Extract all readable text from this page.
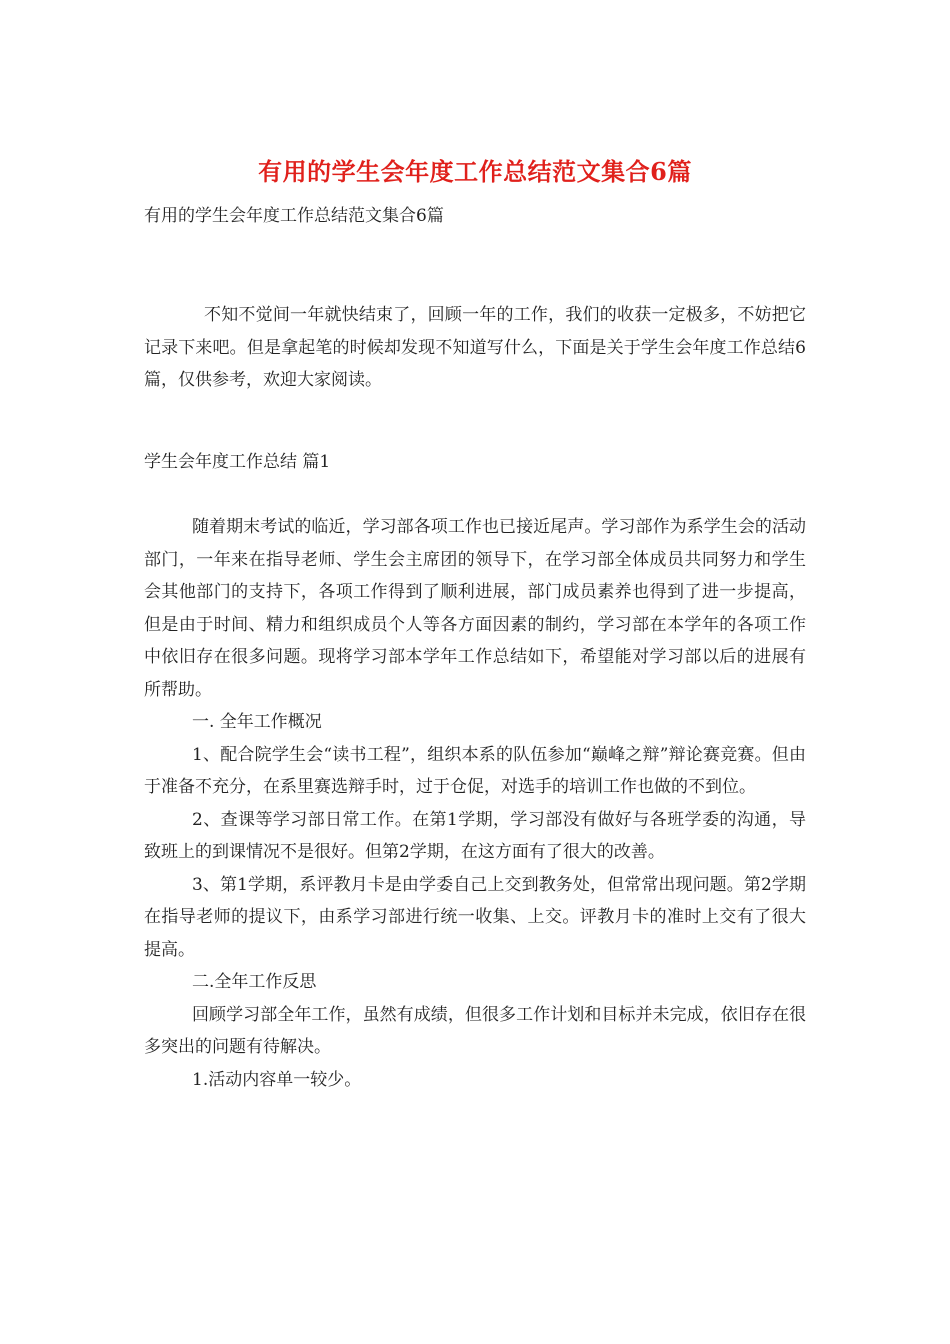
有用的学生会年度工作总结范文集合6篇
有用的学生会年度工作总结范文集合6篇
不知不觉间一年就快结束了，回顾一年的工作，我们的收获一定极多，不妨把它记录下来吧。但是拿起笔的时候却发现不知道写什么，下面是关于学生会年度工作总结6篇，仅供参考，欢迎大家阅读。
学生会年度工作总结 篇1

随着期末考试的临近，学习部各项工作也已接近尾声。学习部作为系学生会的活动部门，一年来在指导老师、学生会主席团的领导下，在学习部全体成员共同努力和学生会其他部门的支持下，各项工作得到了顺利进展，部门成员素养也得到了进一步提高，但是由于时间、精力和组织成员个人等各方面因素的制约，学习部在本学年的各项工作中依旧存在很多问题。现将学习部本学年工作总结如下，希望能对学习部以后的进展有所帮助。

一. 全年工作概况

1、配合院学生会“读书工程”，组织本系的队伍参加“巅峰之辩”辩论赛竞赛。但由于准备不充分，在系里赛选辩手时，过于仓促，对选手的培训工作也做的不到位。

2、查课等学习部日常工作。在第1学期，学习部没有做好与各班学委的沟通，导致班上的到课情况不是很好。但第2学期，在这方面有了很大的改善。

3、第1学期，系评教月卡是由学委自己上交到教务处，但常常出现问题。第2学期在指导老师的提议下，由系学习部进行统一收集、上交。评教月卡的准时上交有了很大提高。

二.全年工作反思

回顾学习部全年工作，虽然有成绩，但很多工作计划和目标并未完成，依旧存在很多突出的问题有待解决。

1.活动内容单一较少。
